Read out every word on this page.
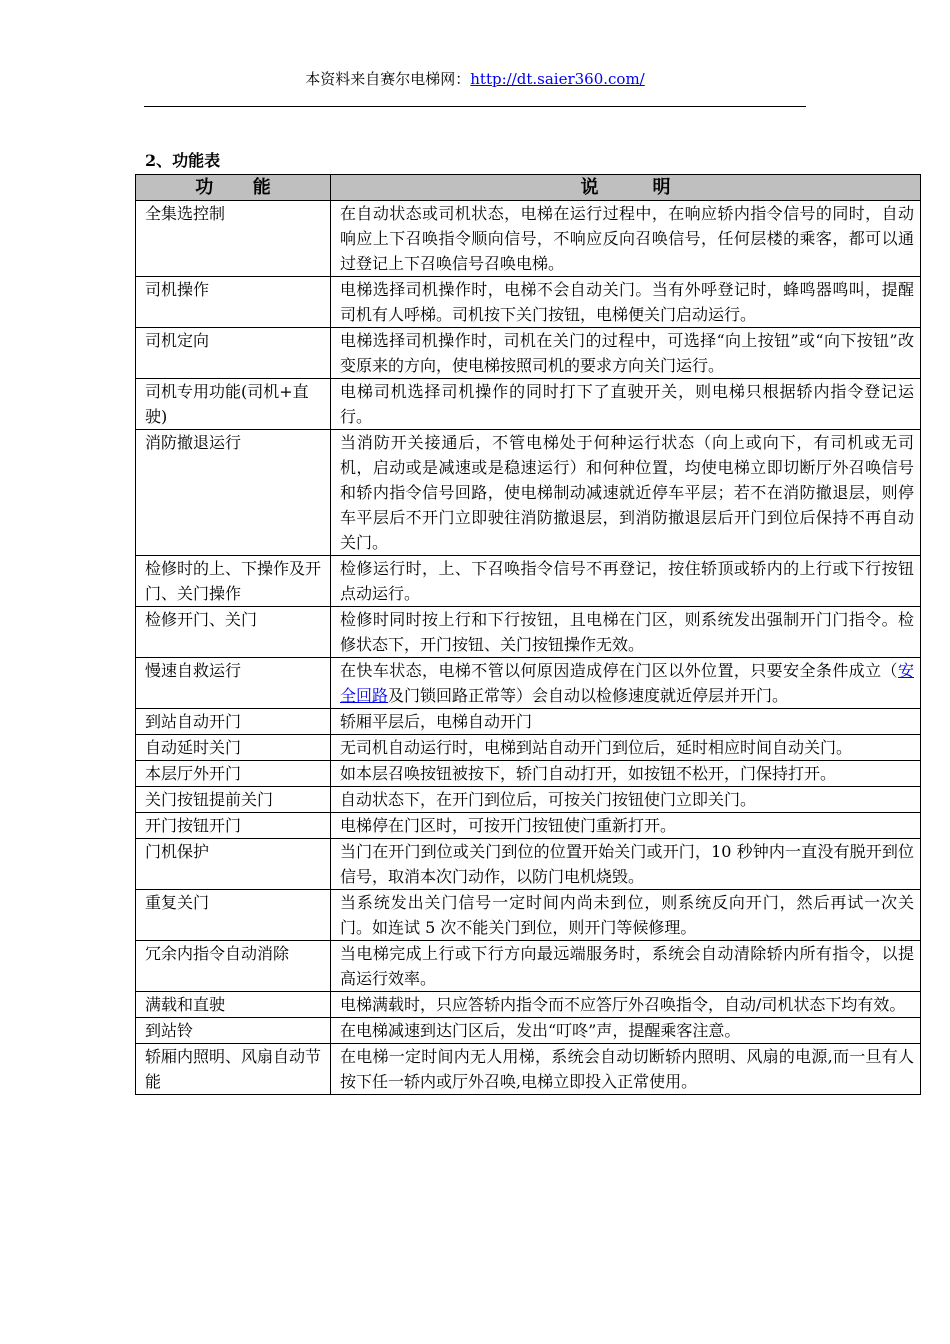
本资料来自赛尔电梯网：http://dt.saier360.com/
2、功能表
功 能	说 明
全集选控制	在自动状态或司机状态，电梯在运行过程中，在响应轿内指令信号的同时，自动响应上下召唤指令顺向信号，不响应反向召唤信号，任何层楼的乘客，都可以通过登记上下召唤信号召唤电梯。
司机操作	电梯选择司机操作时，电梯不会自动关门。当有外呼登记时，蜂鸣器鸣叫，提醒司机有人呼梯。司机按下关门按钮，电梯便关门启动运行。
司机定向	电梯选择司机操作时，司机在关门的过程中，可选择“向上按钮”或“向下按钮”改变原来的方向，使电梯按照司机的要求方向关门运行。
司机专用功能(司机+直驶)	电梯司机选择司机操作的同时打下了直驶开关，则电梯只根据轿内指令登记运行。
消防撤退运行	当消防开关接通后，不管电梯处于何种运行状态（向上或向下，有司机或无司机，启动或是减速或是稳速运行）和何种位置，均使电梯立即切断厅外召唤信号和轿内指令信号回路，使电梯制动减速就近停车平层；若不在消防撤退层，则停车平层后不开门立即驶往消防撤退层，到消防撤退层后开门到位后保持不再自动关门。
检修时的上、下操作及开门、关门操作	检修运行时，上、下召唤指令信号不再登记，按住轿顶或轿内的上行或下行按钮点动运行。
检修开门、关门	检修时同时按上行和下行按钮，且电梯在门区，则系统发出强制开门门指令。检修状态下，开门按钮、关门按钮操作无效。
慢速自救运行	在快车状态，电梯不管以何原因造成停在门区以外位置，只要安全条件成立（安全回路及门锁回路正常等）会自动以检修速度就近停层并开门。
到站自动开门	轿厢平层后，电梯自动开门
自动延时关门	无司机自动运行时，电梯到站自动开门到位后，延时相应时间自动关门。
本层厅外开门	如本层召唤按钮被按下，轿门自动打开，如按钮不松开，门保持打开。
关门按钮提前关门	自动状态下，在开门到位后，可按关门按钮使门立即关门。
开门按钮开门	电梯停在门区时，可按开门按钮使门重新打开。
门机保护	当门在开门到位或关门到位的位置开始关门或开门，10 秒钟内一直没有脱开到位信号，取消本次门动作，以防门电机烧毁。
重复关门	当系统发出关门信号一定时间内尚未到位，则系统反向开门，然后再试一次关门。如连试 5 次不能关门到位，则开门等候修理。
冗余内指令自动消除	当电梯完成上行或下行方向最远端服务时，系统会自动清除轿内所有指令，以提高运行效率。
满载和直驶	电梯满载时，只应答轿内指令而不应答厅外召唤指令，自动/司机状态下均有效。
到站铃	在电梯减速到达门区后，发出“叮咚”声，提醒乘客注意。
轿厢内照明、风扇自动节能	在电梯一定时间内无人用梯，系统会自动切断轿内照明、风扇的电源,而一旦有人按下任一轿内或厅外召唤,电梯立即投入正常使用。
